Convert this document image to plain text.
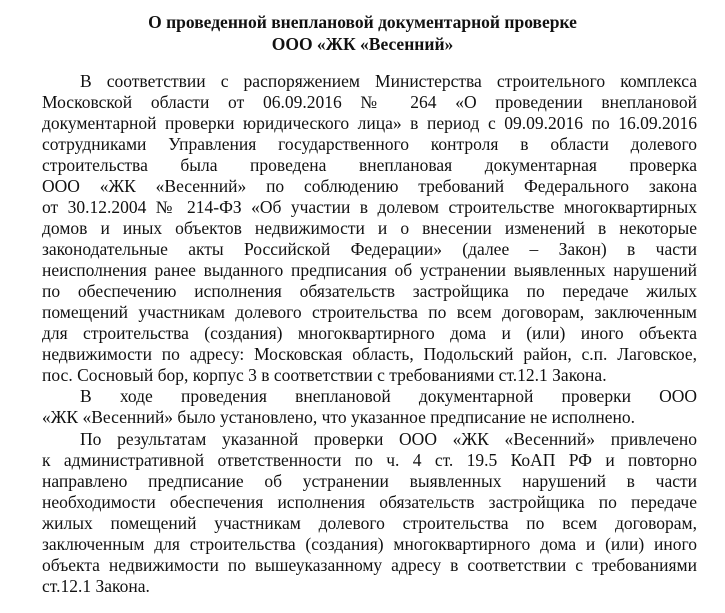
О проведенной внеплановой документарной проверке
ООО «ЖК «Весенний»
В соответствии с распоряжением Министерства строительного комплекса
Московской области от 06.09.2016 № 264 «О проведении внеплановой
документарной проверки юридического лица» в период с 09.09.2016 по 16.09.2016
сотрудниками Управления государственного контроля в области долевого
строительства была проведена внеплановая документарная проверка
ООО «ЖК «Весенний» по соблюдению требований Федерального закона
от 30.12.2004 № 214-ФЗ «Об участии в долевом строительстве многоквартирных
домов и иных объектов недвижимости и о внесении изменений в некоторые
законодательные акты Российской Федерации» (далее – Закон) в части
неисполнения ранее выданного предписания об устранении выявленных нарушений
по обеспечению исполнения обязательств застройщика по передаче жилых
помещений участникам долевого строительства по всем договорам, заключенным
для строительства (создания) многоквартирного дома и (или) иного объекта
недвижимости по адресу: Московская область, Подольский район, с.п. Лаговское,
пос. Сосновый бор, корпус 3 в соответствии с требованиями ст.12.1 Закона.
В ходе проведения внеплановой документарной проверки ООО
«ЖК «Весенний» было установлено, что указанное предписание не исполнено.
По результатам указанной проверки ООО «ЖК «Весенний» привлечено
к административной ответственности по ч. 4 ст. 19.5 КоАП РФ и повторно
направлено предписание об устранении выявленных нарушений в части
необходимости обеспечения исполнения обязательств застройщика по передаче
жилых помещений участникам долевого строительства по всем договорам,
заключенным для строительства (создания) многоквартирного дома и (или) иного
объекта недвижимости по вышеуказанному адресу в соответствии с требованиями
ст.12.1 Закона.
